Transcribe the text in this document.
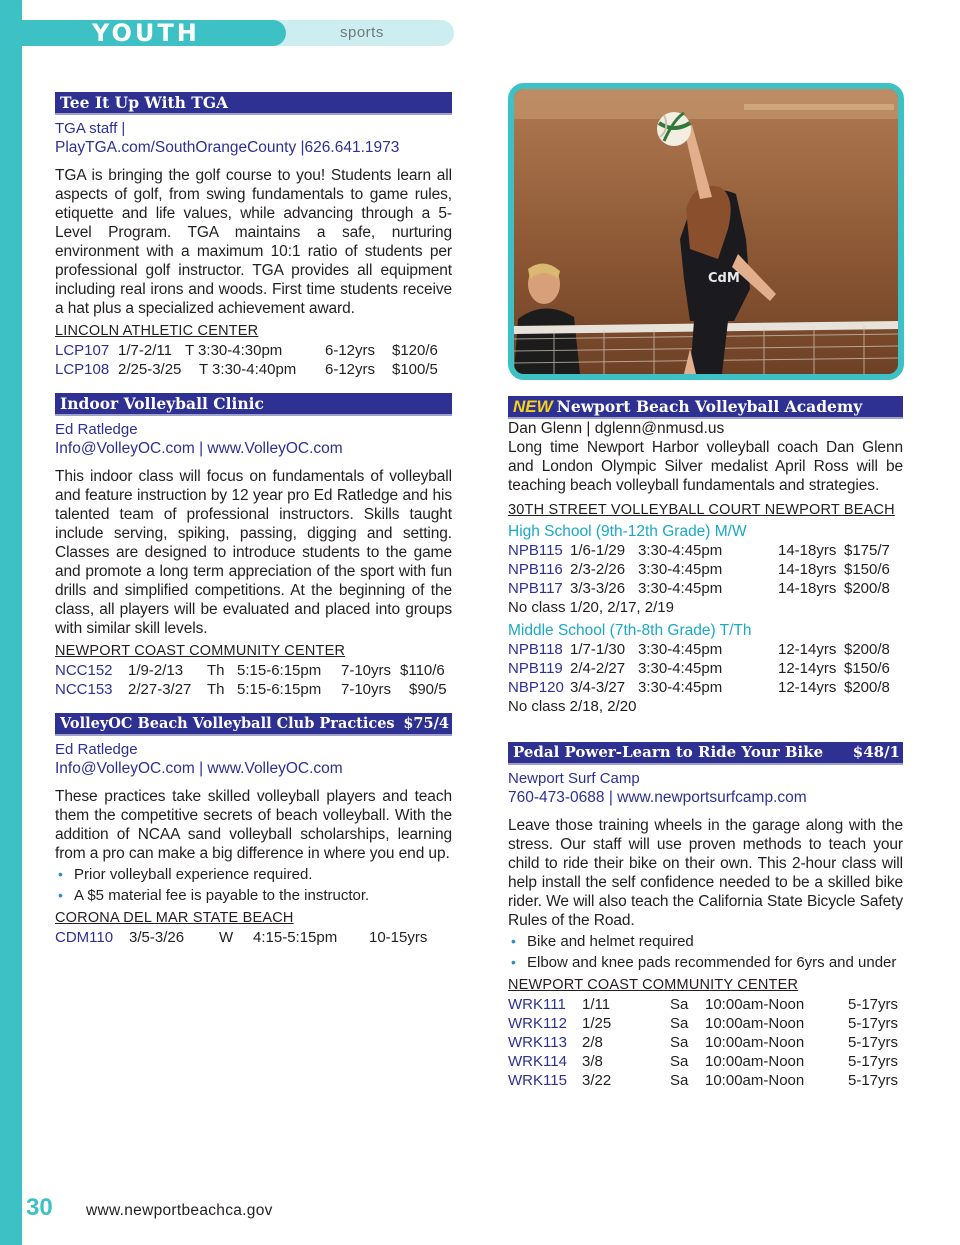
YOUTH	sports
Tee It Up With TGA
TGA staff |
PlayTGA.com/SouthOrangeCounty |626.641.1973
TGA is bringing the golf course to you! Students learn all aspects of golf, from swing fundamentals to game rules, etiquette and life values, while advancing through a 5-Level Program. TGA maintains a safe, nurturing environment with a maximum 10:1 ratio of students per professional golf instructor. TGA provides all equipment including real irons and woods. First time students receive a hat plus a specialized achievement award.
LINCOLN ATHLETIC CENTER
LCP107 1/7-2/11 T 3:30-4:30pm	6-12yrs $120/6
LCP108 2/25-3/25 T 3:30-4:40pm 6-12yrs $100/5
Indoor Volleyball Clinic
Ed Ratledge
Info@VolleyOC.com | www.VolleyOC.com
This indoor class will focus on fundamentals of volleyball and feature instruction by 12 year pro Ed Ratledge and his talented team of professional instructors. Skills taught include serving, spiking, passing, digging and setting. Classes are designed to introduce students to the game and promote a long term appreciation of the sport with fun drills and simplified competitions. At the beginning of the class, all players will be evaluated and placed into groups with similar skill levels.
NEWPORT COAST COMMUNITY CENTER
NCC152 1/9-2/13 Th 5:15-6:15pm 7-10yrs $110/6
NCC153 2/27-3/27 Th 5:15-6:15pm 7-10yrs $90/5
VolleyOC Beach Volleyball Club Practices $75/4
Ed Ratledge
Info@VolleyOC.com | www.VolleyOC.com
These practices take skilled volleyball players and teach them the competitive secrets of beach volleyball. With the addition of NCAA sand volleyball scholarships, learning from a pro can make a big difference in where you end up.
• Prior volleyball experience required.
• A $5 material fee is payable to the instructor.
CORONA DEL MAR STATE BEACH
CDM110 3/5-3/26 W 4:15-5:15pm 10-15yrs
CdM
NEW Newport Beach Volleyball Academy
Dan Glenn | dglenn@nmusd.us
Long time Newport Harbor volleyball coach Dan Glenn and London Olympic Silver medalist April Ross will be teaching beach volleyball fundamentals and strategies.
30TH STREET VOLLEYBALL COURT NEWPORT BEACH
High School (9th-12th Grade) M/W
NPB115 1/6-1/29 3:30-4:45pm	14-18yrs $175/7
NPB116 2/3-2/26 3:30-4:45pm	14-18yrs $150/6
NPB117 3/3-3/26 3:30-4:45pm	14-18yrs $200/8
No class 1/20, 2/17, 2/19
Middle School (7th-8th Grade) T/Th
NPB118 1/7-1/30 3:30-4:45pm	12-14yrs $200/8
NPB119 2/4-2/27 3:30-4:45pm	12-14yrs $150/6
NBP120 3/4-3/27 3:30-4:45pm	12-14yrs $200/8
No class 2/18, 2/20
Pedal Power-Learn to Ride Your Bike $48/1
Newport Surf Camp
760-473-0688 | www.newportsurfcamp.com
Leave those training wheels in the garage along with the stress. Our staff will use proven methods to teach your child to ride their bike on their own. This 2-hour class will help install the self confidence needed to be a skilled bike rider. We will also teach the California State Bicycle Safety Rules of the Road.
• Bike and helmet required
• Elbow and knee pads recommended for 6yrs and under
NEWPORT COAST COMMUNITY CENTER
WRK111 1/11	Sa 10:00am-Noon	5-17yrs
WRK112 1/25	Sa 10:00am-Noon	5-17yrs
WRK113 2/8	Sa 10:00am-Noon	5-17yrs
WRK114 3/8	Sa 10:00am-Noon	5-17yrs
WRK115 3/22	Sa 10:00am-Noon	5-17yrs
30 www.newportbeachca.gov
